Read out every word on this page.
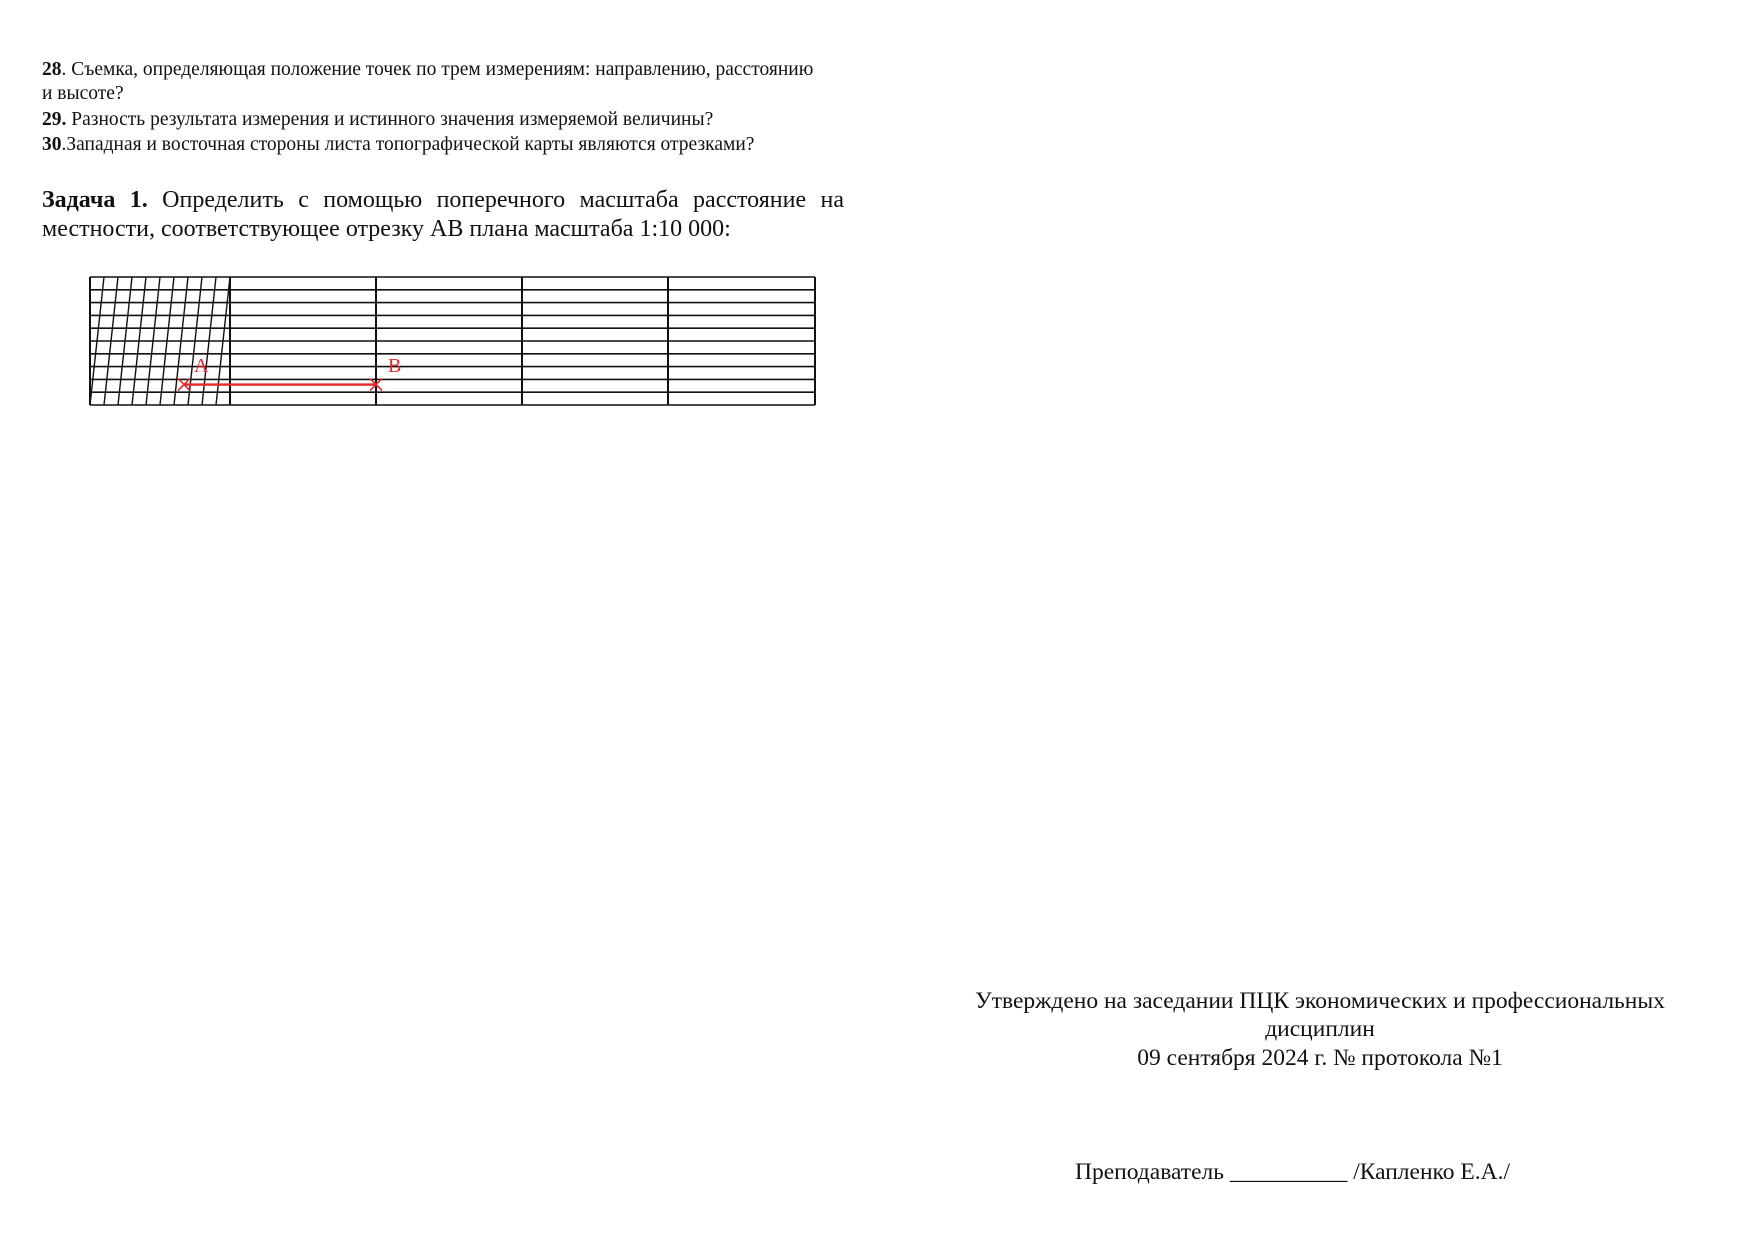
28. Съемка, определяющая положение точек по трем измерениям: направлению, расстоянию и высоте?
29. Разность результата измерения и истинного значения измеряемой величины?
30.Западная и восточная стороны листа топографической карты являются отрезками?
Задача 1. Определить с помощью поперечного масштаба расстояние на местности, соответствующее отрезку АВ плана масштаба 1:10 000:
A	B
Утверждено на заседании ПЦК экономических и профессиональных
дисциплин
09 сентября 2024 г. № протокола №1
Преподаватель __________ /Капленко Е.А./
